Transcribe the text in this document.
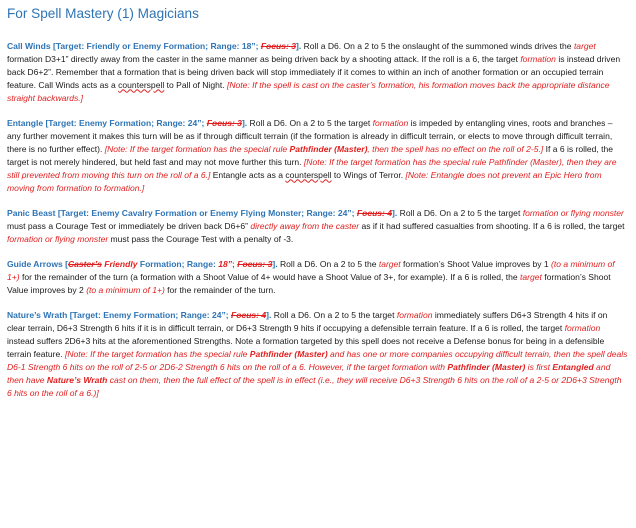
For Spell Mastery (1) Magicians

Call Winds [Target: Friendly or Enemy Formation; Range: 18”; Focus: 3]. Roll a D6. On a 2 to 5 the onslaught of the summoned winds drives the target formation D3+1” directly away from the caster in the same manner as being driven back by a shooting attack. If the roll is a 6, the target formation is instead driven back D6+2”. Remember that a formation that is being driven back will stop immediately if it comes to within an inch of another formation or an occupied terrain feature. Call Winds acts as a counterspell to Pall of Night. [Note: If the spell is cast on the caster’s formation, his formation moves back the appropriate distance straight backwards.]

Entangle [Target: Enemy Formation; Range: 24”; Focus: 3]. Roll a D6. On a 2 to 5 the target formation is impeded by entangling vines, roots and branches – any further movement it makes this turn will be as if through difficult terrain (if the formation is already in difficult terrain, or elects to move through difficult terrain, there is no further effect). [Note: If the target formation has the special rule Pathfinder (Master), then the spell has no effect on the roll of 2-5.] If a 6 is rolled, the target is not merely hindered, but held fast and may not move further this turn. [Note: If the target formation has the special rule Pathfinder (Master), then they are still prevented from moving this turn on the roll of a 6.] Entangle acts as a counterspell to Wings of Terror. [Note: Entangle does not prevent an Epic Hero from moving from formation to formation.]

Panic Beast [Target: Enemy Cavalry Formation or Enemy Flying Monster; Range: 24”; Focus: 4]. Roll a D6. On a 2 to 5 the target formation or flying monster must pass a Courage Test or immediately be driven back D6+6” directly away from the caster as if it had suffered casualties from shooting. If a 6 is rolled, the target formation or flying monster must pass the Courage Test with a penalty of -3.

Guide Arrows [Caster’s Friendly Formation; Range: 18”; Focus: 3]. Roll a D6. On a 2 to 5 the target formation’s Shoot Value improves by 1 (to a minimum of 1+) for the remainder of the turn (a formation with a Shoot Value of 4+ would have a Shoot Value of 3+, for example). If a 6 is rolled, the target formation’s Shoot Value improves by 2 (to a minimum of 1+) for the remainder of the turn.

Nature’s Wrath [Target: Enemy Formation; Range: 24”; Focus: 4]. Roll a D6. On a 2 to 5 the target formation immediately suffers D6+3 Strength 4 hits if on clear terrain, D6+3 Strength 6 hits if it is in difficult terrain, or D6+3 Strength 9 hits if occupying a defensible terrain feature. If a 6 is rolled, the target formation instead suffers 2D6+3 hits at the aforementioned Strengths. Note a formation targeted by this spell does not receive a Defense bonus for being in a defensible terrain feature. [Note: If the target formation has the special rule Pathfinder (Master) and has one or more companies occupying difficult terrain, then the spell deals D6-1 Strength 6 hits on the roll of 2-5 or 2D6-2 Strength 6 hits on the roll of a 6. However, if the target formation with Pathfinder (Master) is first Entangled and then have Nature’s Wrath cast on them, then the full effect of the spell is in effect (i.e., they will receive D6+3 Strength 6 hits on the roll of a 2-5 or 2D6+3 Strength 6 hits on the roll of a 6.)]
